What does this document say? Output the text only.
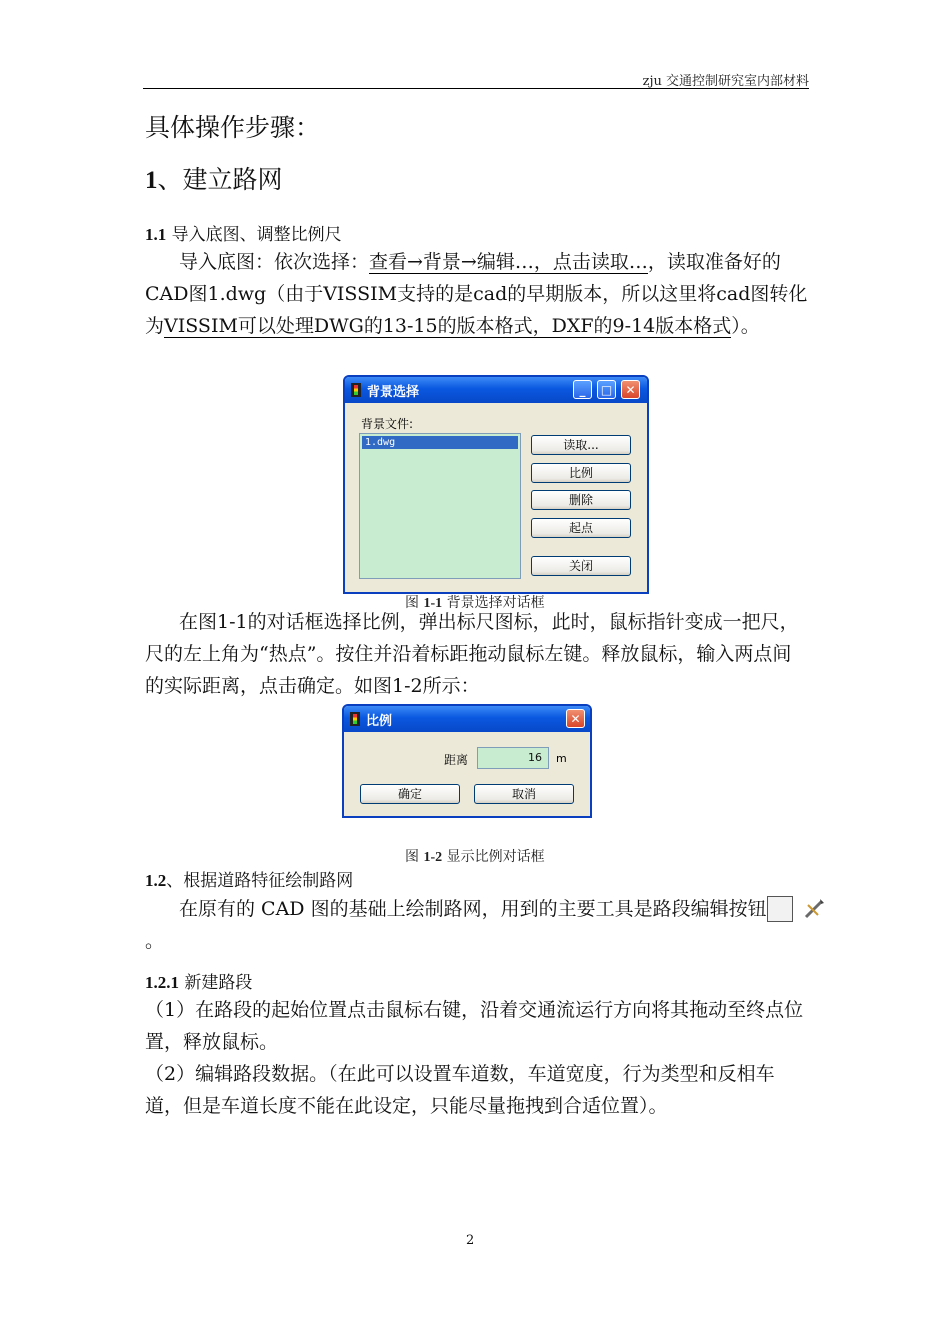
zju 交通控制研究室内部材料
具体操作步骤：
1、建立路网
1.1 导入底图、调整比例尺
导入底图：依次选择：查看→背景→编辑…，点击读取…，读取准备好的CAD图1.dwg（由于VISSIM支持的是cad的早期版本，所以这里将cad图转化为VISSIM可以处理DWG的13-15的版本格式，DXF的9-14版本格式）。
背景选择	_	□	✕
背景文件:
1.dwg	读取...
比例
删除
起点
关闭
图 1-1 背景选择对话框
在图1-1的对话框选择比例，弹出标尺图标，此时，鼠标指针变成一把尺，尺的左上角为“热点”。按住并沿着标距拖动鼠标左键。释放鼠标，输入两点间的实际距离，点击确定。如图1-2所示：
比例	✕
距离	16	m
确定	取消
图 1-2 显示比例对话框
1.2、根据道路特征绘制路网
在原有的 CAD 图的基础上绘制路网，用到的主要工具是路段编辑按钮。
1.2.1 新建路段
（1）在路段的起始位置点击鼠标右键，沿着交通流运行方向将其拖动至终点位置，释放鼠标。
（2）编辑路段数据。（在此可以设置车道数，车道宽度，行为类型和反相车道，但是车道长度不能在此设定，只能尽量拖拽到合适位置）。
2
